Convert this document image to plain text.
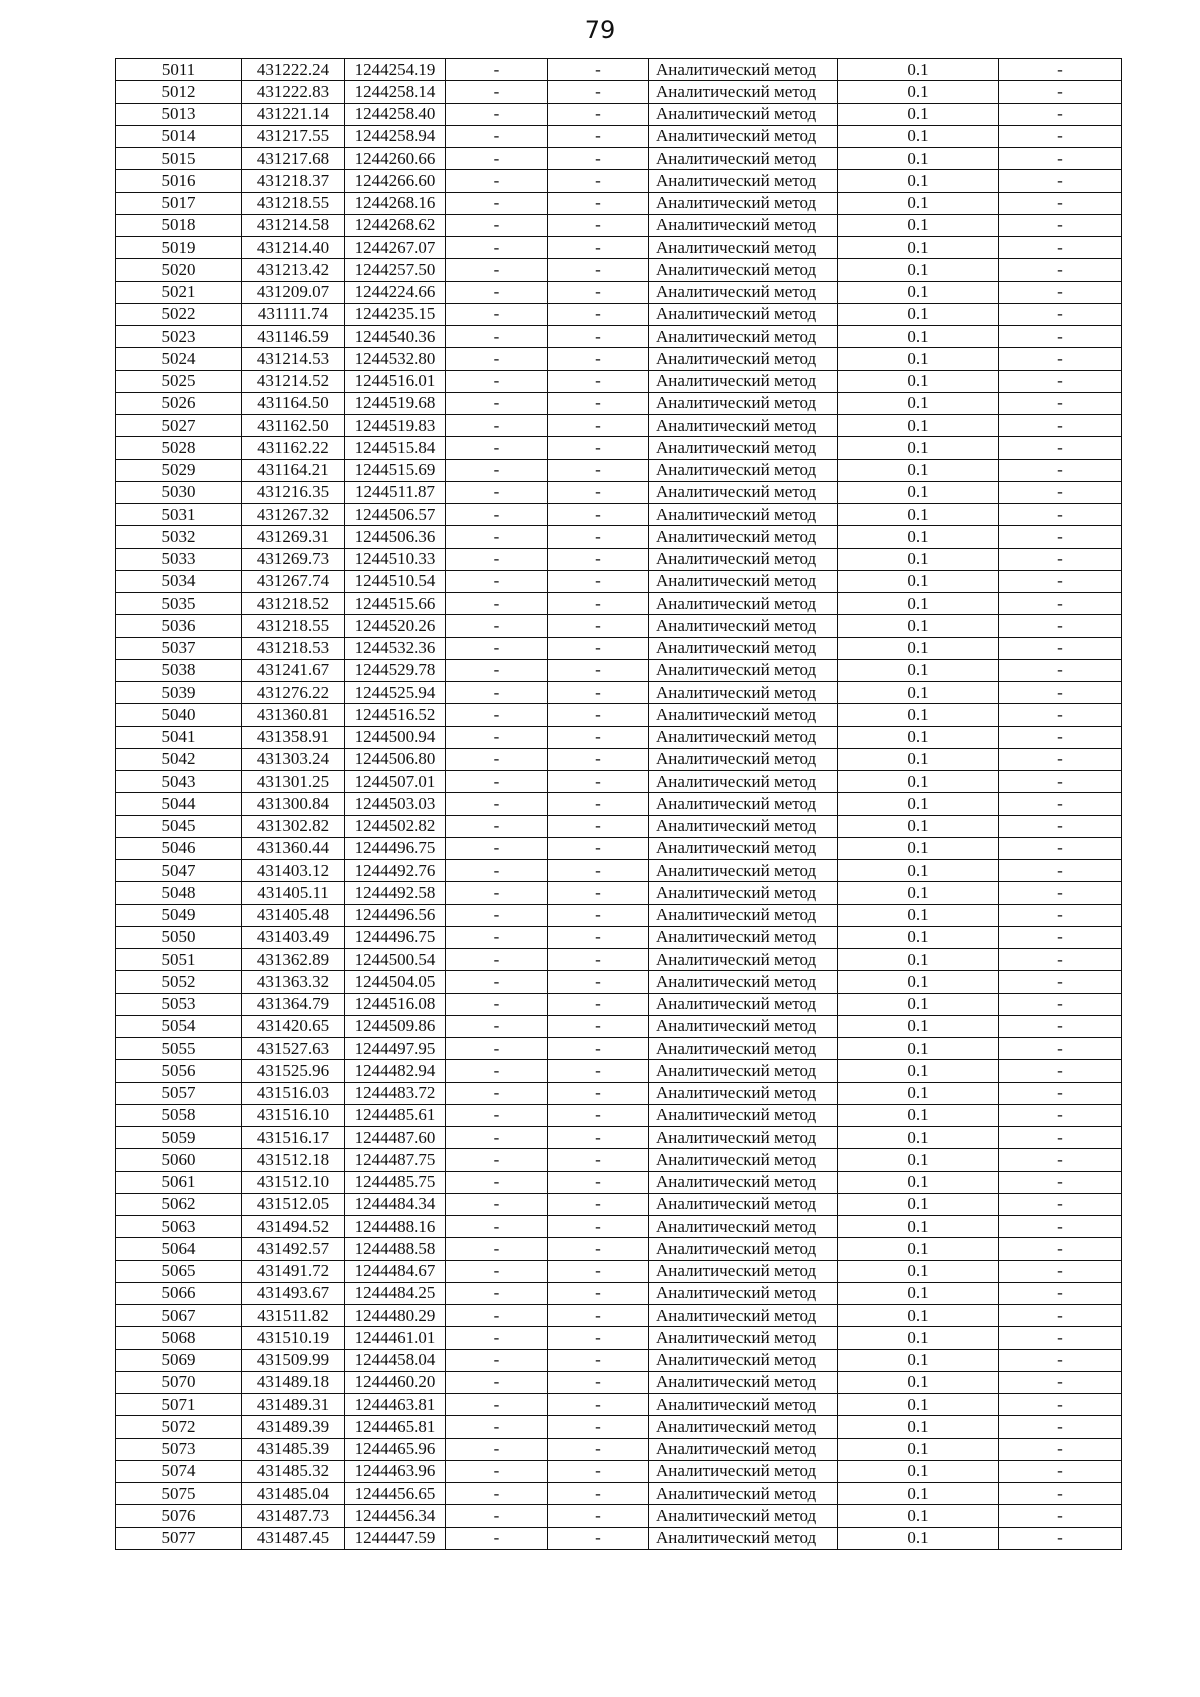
79
5011	431222.24	1244254.19	-	-	Аналитический метод	0.1	-
5012	431222.83	1244258.14	-	-	Аналитический метод	0.1	-
5013	431221.14	1244258.40	-	-	Аналитический метод	0.1	-
5014	431217.55	1244258.94	-	-	Аналитический метод	0.1	-
5015	431217.68	1244260.66	-	-	Аналитический метод	0.1	-
5016	431218.37	1244266.60	-	-	Аналитический метод	0.1	-
5017	431218.55	1244268.16	-	-	Аналитический метод	0.1	-
5018	431214.58	1244268.62	-	-	Аналитический метод	0.1	-
5019	431214.40	1244267.07	-	-	Аналитический метод	0.1	-
5020	431213.42	1244257.50	-	-	Аналитический метод	0.1	-
5021	431209.07	1244224.66	-	-	Аналитический метод	0.1	-
5022	431111.74	1244235.15	-	-	Аналитический метод	0.1	-
5023	431146.59	1244540.36	-	-	Аналитический метод	0.1	-
5024	431214.53	1244532.80	-	-	Аналитический метод	0.1	-
5025	431214.52	1244516.01	-	-	Аналитический метод	0.1	-
5026	431164.50	1244519.68	-	-	Аналитический метод	0.1	-
5027	431162.50	1244519.83	-	-	Аналитический метод	0.1	-
5028	431162.22	1244515.84	-	-	Аналитический метод	0.1	-
5029	431164.21	1244515.69	-	-	Аналитический метод	0.1	-
5030	431216.35	1244511.87	-	-	Аналитический метод	0.1	-
5031	431267.32	1244506.57	-	-	Аналитический метод	0.1	-
5032	431269.31	1244506.36	-	-	Аналитический метод	0.1	-
5033	431269.73	1244510.33	-	-	Аналитический метод	0.1	-
5034	431267.74	1244510.54	-	-	Аналитический метод	0.1	-
5035	431218.52	1244515.66	-	-	Аналитический метод	0.1	-
5036	431218.55	1244520.26	-	-	Аналитический метод	0.1	-
5037	431218.53	1244532.36	-	-	Аналитический метод	0.1	-
5038	431241.67	1244529.78	-	-	Аналитический метод	0.1	-
5039	431276.22	1244525.94	-	-	Аналитический метод	0.1	-
5040	431360.81	1244516.52	-	-	Аналитический метод	0.1	-
5041	431358.91	1244500.94	-	-	Аналитический метод	0.1	-
5042	431303.24	1244506.80	-	-	Аналитический метод	0.1	-
5043	431301.25	1244507.01	-	-	Аналитический метод	0.1	-
5044	431300.84	1244503.03	-	-	Аналитический метод	0.1	-
5045	431302.82	1244502.82	-	-	Аналитический метод	0.1	-
5046	431360.44	1244496.75	-	-	Аналитический метод	0.1	-
5047	431403.12	1244492.76	-	-	Аналитический метод	0.1	-
5048	431405.11	1244492.58	-	-	Аналитический метод	0.1	-
5049	431405.48	1244496.56	-	-	Аналитический метод	0.1	-
5050	431403.49	1244496.75	-	-	Аналитический метод	0.1	-
5051	431362.89	1244500.54	-	-	Аналитический метод	0.1	-
5052	431363.32	1244504.05	-	-	Аналитический метод	0.1	-
5053	431364.79	1244516.08	-	-	Аналитический метод	0.1	-
5054	431420.65	1244509.86	-	-	Аналитический метод	0.1	-
5055	431527.63	1244497.95	-	-	Аналитический метод	0.1	-
5056	431525.96	1244482.94	-	-	Аналитический метод	0.1	-
5057	431516.03	1244483.72	-	-	Аналитический метод	0.1	-
5058	431516.10	1244485.61	-	-	Аналитический метод	0.1	-
5059	431516.17	1244487.60	-	-	Аналитический метод	0.1	-
5060	431512.18	1244487.75	-	-	Аналитический метод	0.1	-
5061	431512.10	1244485.75	-	-	Аналитический метод	0.1	-
5062	431512.05	1244484.34	-	-	Аналитический метод	0.1	-
5063	431494.52	1244488.16	-	-	Аналитический метод	0.1	-
5064	431492.57	1244488.58	-	-	Аналитический метод	0.1	-
5065	431491.72	1244484.67	-	-	Аналитический метод	0.1	-
5066	431493.67	1244484.25	-	-	Аналитический метод	0.1	-
5067	431511.82	1244480.29	-	-	Аналитический метод	0.1	-
5068	431510.19	1244461.01	-	-	Аналитический метод	0.1	-
5069	431509.99	1244458.04	-	-	Аналитический метод	0.1	-
5070	431489.18	1244460.20	-	-	Аналитический метод	0.1	-
5071	431489.31	1244463.81	-	-	Аналитический метод	0.1	-
5072	431489.39	1244465.81	-	-	Аналитический метод	0.1	-
5073	431485.39	1244465.96	-	-	Аналитический метод	0.1	-
5074	431485.32	1244463.96	-	-	Аналитический метод	0.1	-
5075	431485.04	1244456.65	-	-	Аналитический метод	0.1	-
5076	431487.73	1244456.34	-	-	Аналитический метод	0.1	-
5077	431487.45	1244447.59	-	-	Аналитический метод	0.1	-
